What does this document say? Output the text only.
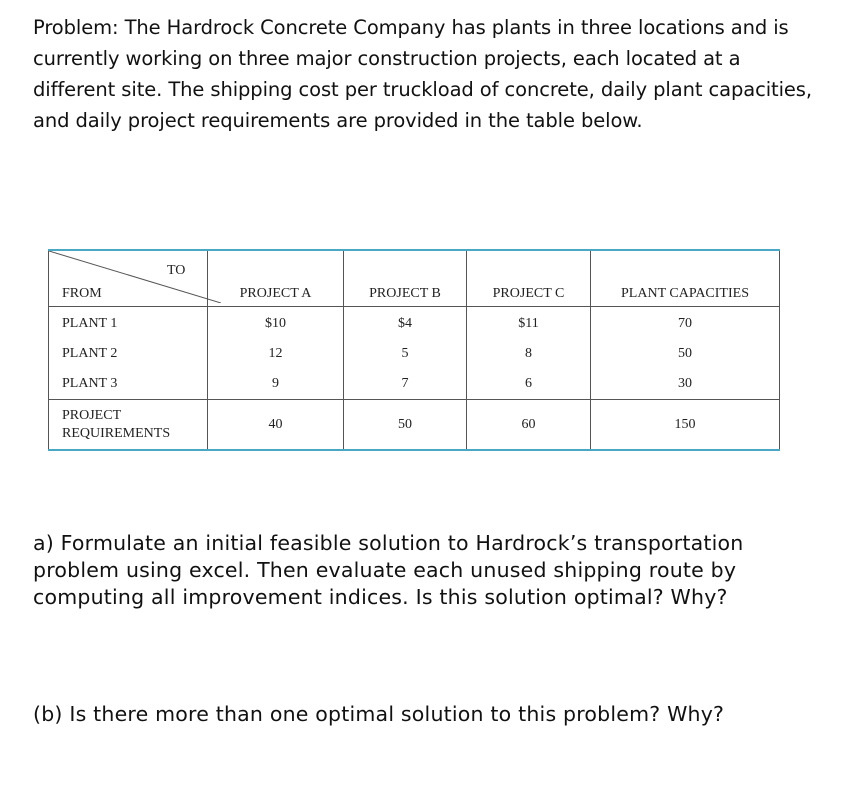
Problem: The Hardrock Concrete Company has plants in three locations and is
currently working on three major construction projects, each located at a
different site. The shipping cost per truckload of concrete, daily plant capacities,
and daily project requirements are provided in the table below.

TO
FROM	PROJECT A	PROJECT B	PROJECT C	PLANT CAPACITIES
PLANT 1	$10	$4	$11	70
PLANT 2	12	5	8	50
PLANT 3	9	7	6	30
PROJECT
REQUIREMENTS	40	50	60	150

a) Formulate an initial feasible solution to Hardrock’s transportation
problem using excel. Then evaluate each unused shipping route by
computing all improvement indices. Is this solution optimal? Why?

(b) Is there more than one optimal solution to this problem? Why?
